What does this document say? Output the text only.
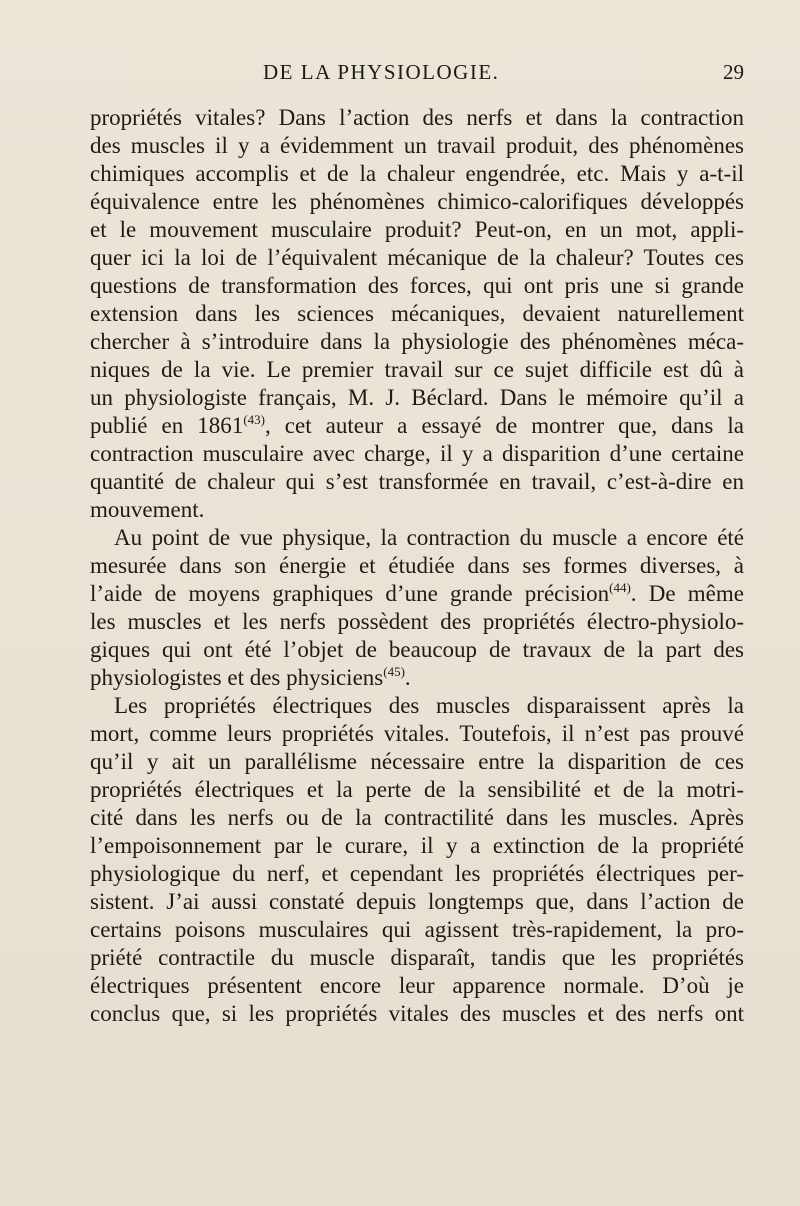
DE LA PHYSIOLOGIE.	29
propriétés vitales? Dans l’action des nerfs et dans la contraction
des muscles il y a évidemment un travail produit, des phénomènes
chimiques accomplis et de la chaleur engendrée, etc. Mais y a-t-il
équivalence entre les phénomènes chimico-calorifiques développés
et le mouvement musculaire produit? Peut-on, en un mot, appli-
quer ici la loi de l’équivalent mécanique de la chaleur? Toutes ces
questions de transformation des forces, qui ont pris une si grande
extension dans les sciences mécaniques, devaient naturellement
chercher à s’introduire dans la physiologie des phénomènes méca-
niques de la vie. Le premier travail sur ce sujet difficile est dû à
un physiologiste français, M. J. Béclard. Dans le mémoire qu’il a
publié en 1861$^{(43)}$, cet auteur a essayé de montrer que, dans la
contraction musculaire avec charge, il y a disparition d’une certaine
quantité de chaleur qui s’est transformée en travail, c’est-à-dire en
mouvement.
Au point de vue physique, la contraction du muscle a encore été
mesurée dans son énergie et étudiée dans ses formes diverses, à
l’aide de moyens graphiques d’une grande précision$^{(44)}$. De même
les muscles et les nerfs possèdent des propriétés électro-physiolo-
giques qui ont été l’objet de beaucoup de travaux de la part des
physiologistes et des physiciens$^{(45)}$.
Les propriétés électriques des muscles disparaissent après la
mort, comme leurs propriétés vitales. Toutefois, il n’est pas prouvé
qu’il y ait un parallélisme nécessaire entre la disparition de ces
propriétés électriques et la perte de la sensibilité et de la motri-
cité dans les nerfs ou de la contractilité dans les muscles. Après
l’empoisonnement par le curare, il y a extinction de la propriété
physiologique du nerf, et cependant les propriétés électriques per-
sistent. J’ai aussi constaté depuis longtemps que, dans l’action de
certains poisons musculaires qui agissent très-rapidement, la pro-
priété contractile du muscle disparaît, tandis que les propriétés
électriques présentent encore leur apparence normale. D’où je
conclus que, si les propriétés vitales des muscles et des nerfs ont
